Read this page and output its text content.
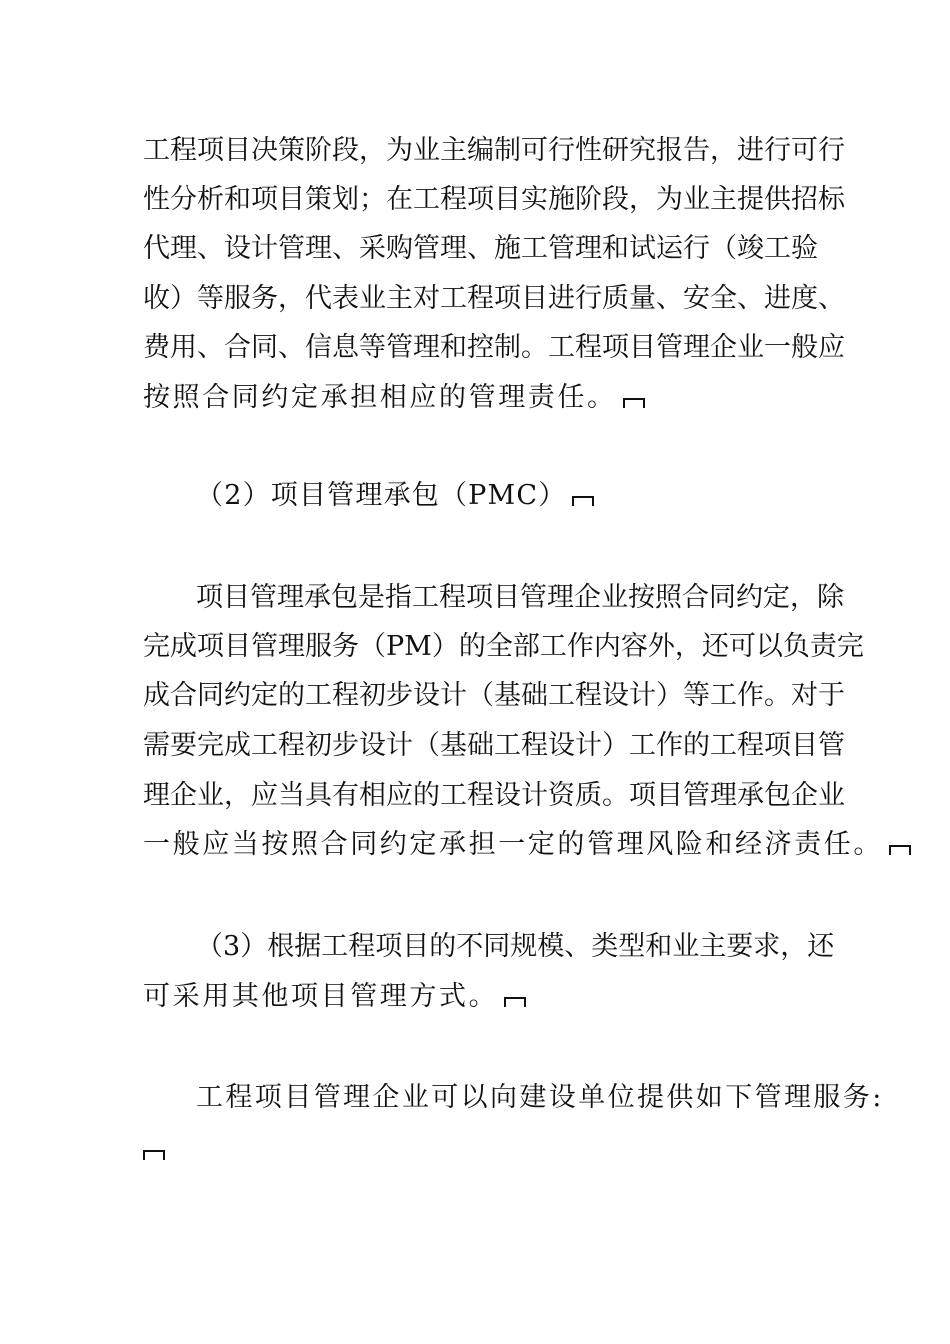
工 程 项 目 决 策 阶 段 ， 为 业 主 编 制 可 行 性 研 究 报 告 ， 进 行 可 行
性 分 析 和 项 目 策 划 ； 在 工 程 项 目 实 施 阶 段 ， 为 业 主 提 供 招 标
代 理 、 设 计 管 理 、 采 购 管 理 、 施 工 管 理 和 试 运 行 （ 竣 工 验
收 ） 等 服 务 ， 代 表 业 主 对 工 程 项 目 进 行 质 量 、 安 全 、 进 度 、
费 用 、 合 同 、 信 息 等 管 理 和 控 制 。 工 程 项 目 管 理 企 业 一 般 应
按照合同约定承担相应的管理责任。
（2）项目管理承包（PMC）
项 目 管 理 承 包 是 指 工 程 项 目 管 理 企 业 按 照 合 同 约 定 ， 除
完 成 项 目 管 理 服 务 （ P M ） 的 全 部 工 作 内 容 外 ， 还 可 以 负 责 完
成 合 同 约 定 的 工 程 初 步 设 计 （ 基 础 工 程 设 计 ） 等 工 作 。 对 于
需 要 完 成 工 程 初 步 设 计 （ 基 础 工 程 设 计 ） 工 作 的 工 程 项 目 管
理 企 业 ， 应 当 具 有 相 应 的 工 程 设 计 资 质 。 项 目 管 理 承 包 企 业
一般应当按照合同约定承担一定的管理风险和经济责任。
（ 3 ） 根 据 工 程 项 目 的 不 同 规 模 、 类 型 和 业 主 要 求 ， 还
可采用其他项目管理方式。
工程项目管理企业可以向建设单位提供如下管理服务:
